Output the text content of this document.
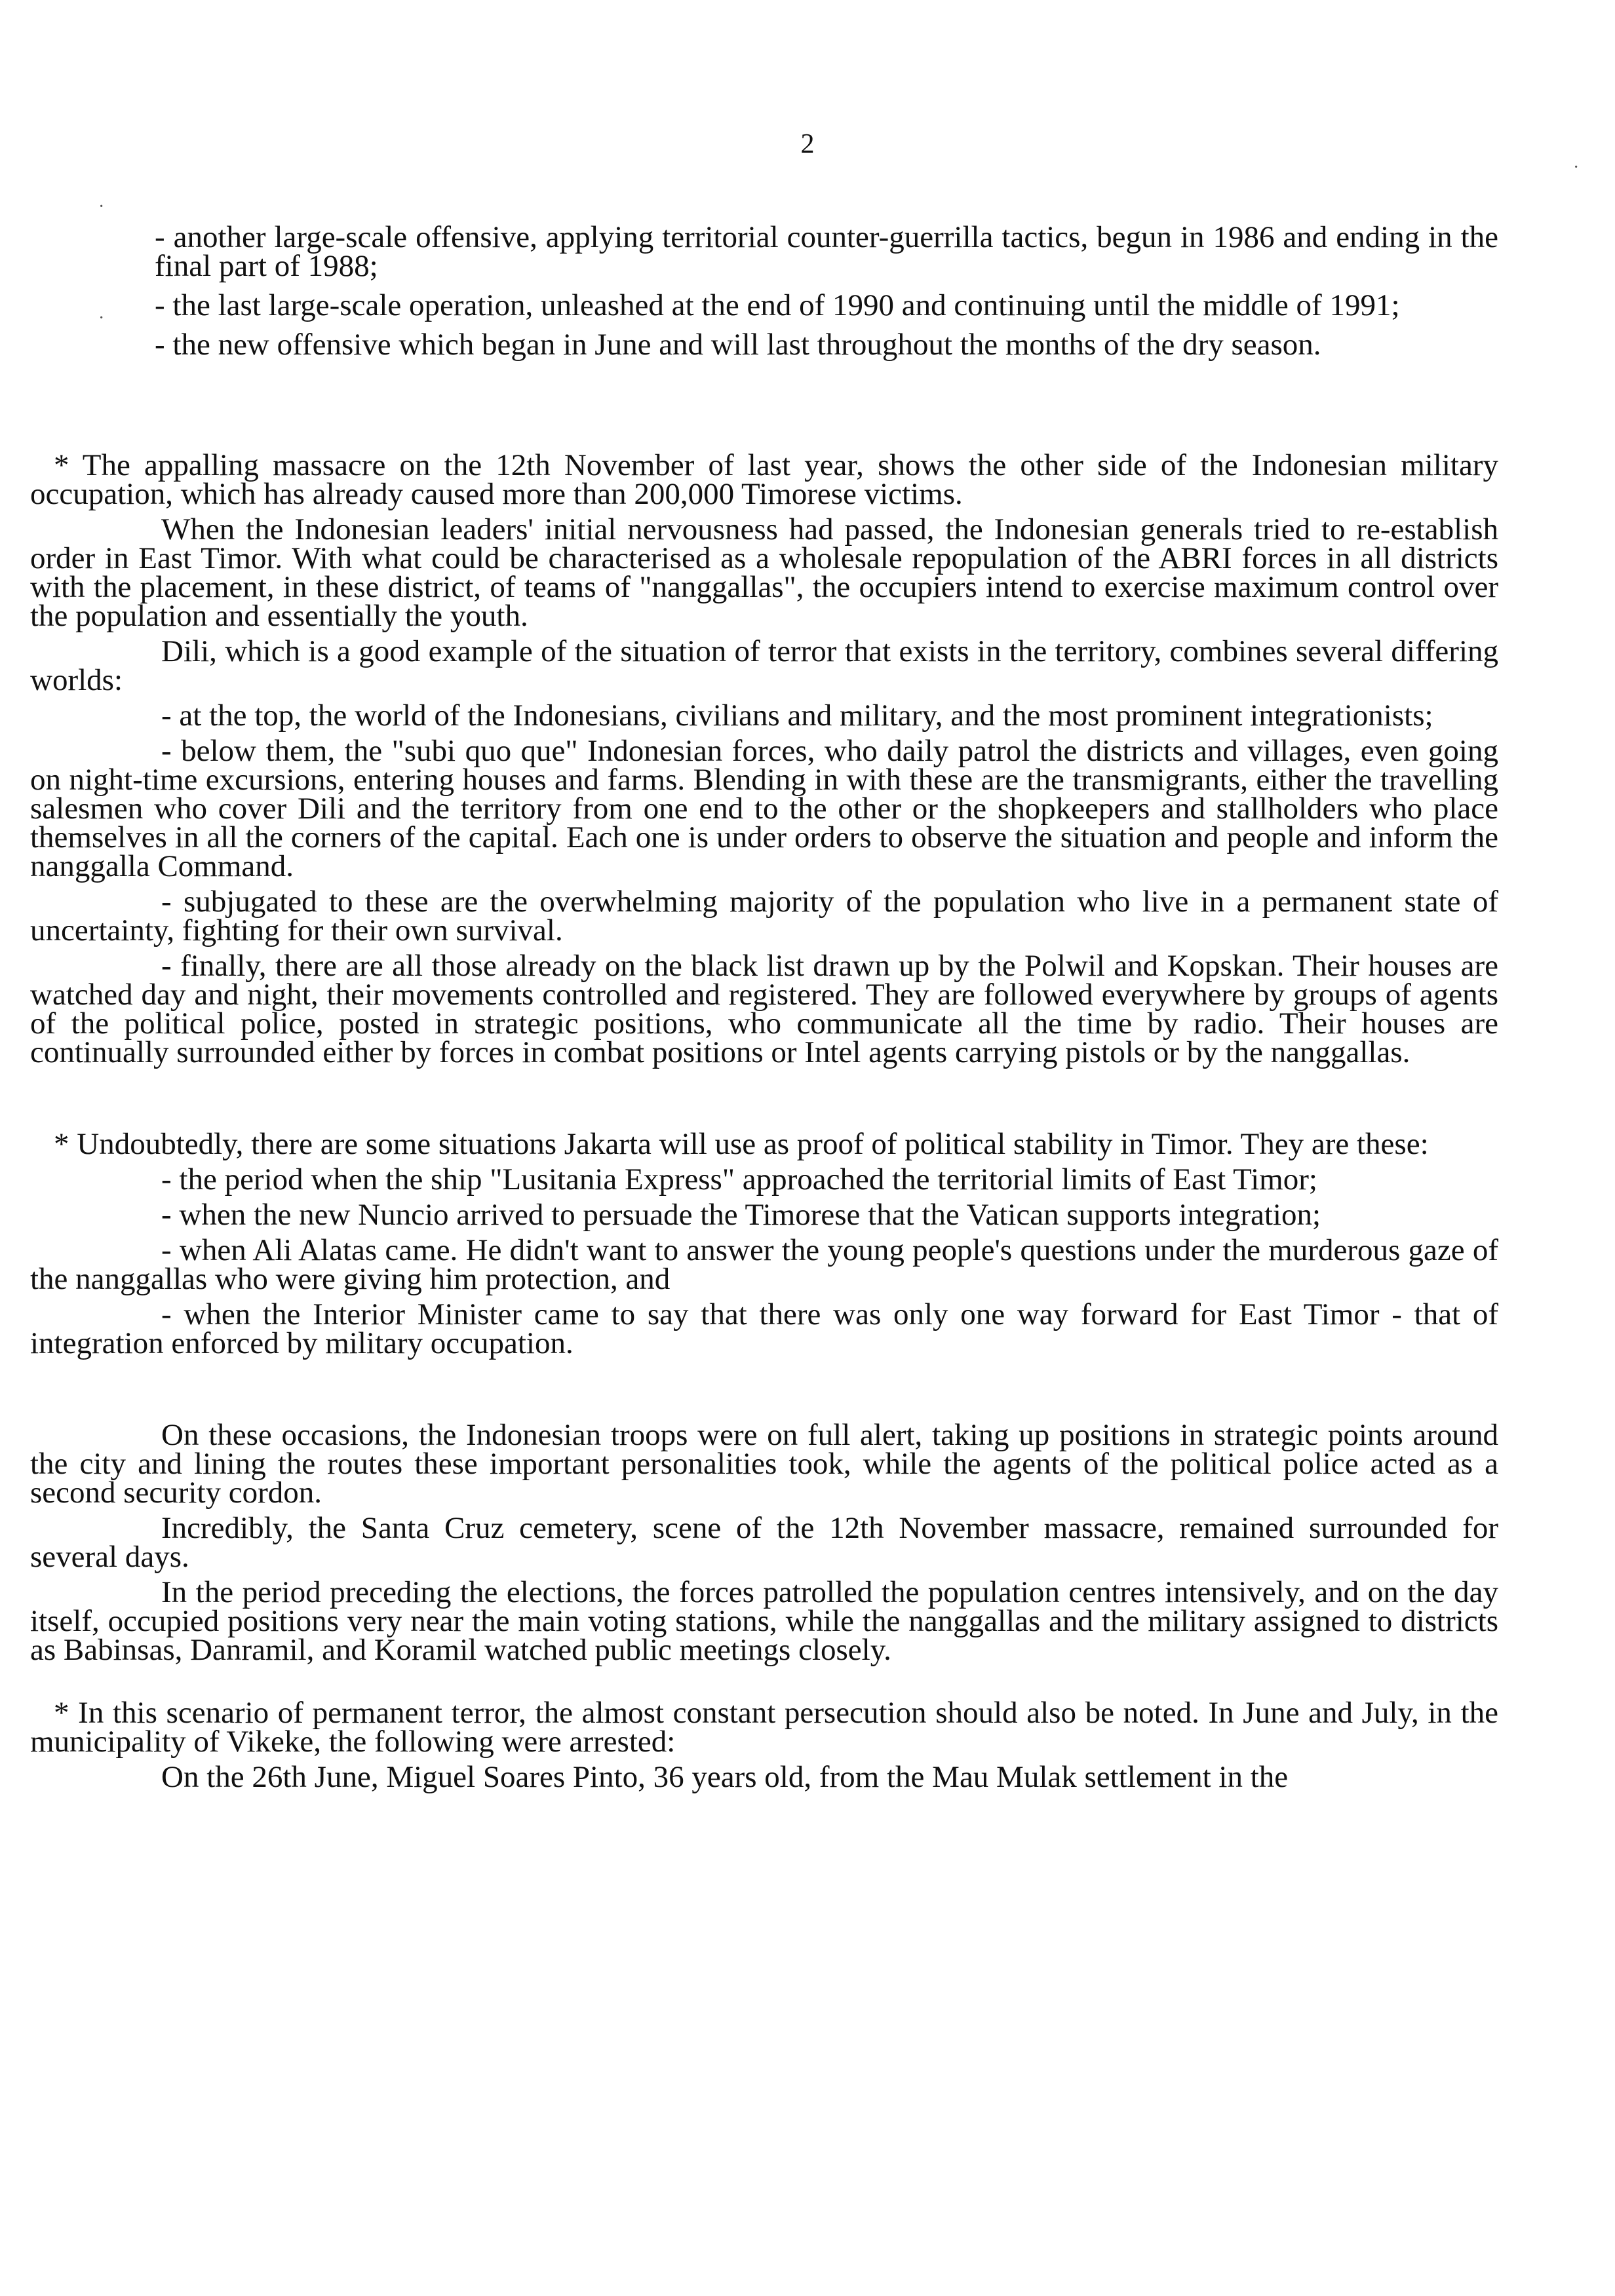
2
·
·
·

- another large-scale offensive, applying territorial counter-guerrilla tactics, begun in 1986 and ending in the final part of 1988;

- the last large-scale operation, unleashed at the end of 1990 and continuing until the middle of 1991;

- the new offensive which began in June and will last throughout the months of the dry season.

* The appalling massacre on the 12th November of last year, shows the other side of the Indonesian military occupation, which has already caused more than 200,000 Timorese victims.

When the Indonesian leaders' initial nervousness had passed, the Indonesian generals tried to re-establish order in East Timor. With what could be characterised as a wholesale repopulation of the ABRI forces in all districts with the placement, in these district, of teams of "nanggallas", the occupiers intend to exercise maximum control over the population and essentially the youth.

Dili, which is a good example of the situation of terror that exists in the territory, combines several differing worlds:

- at the top, the world of the Indonesians, civilians and military, and the most prominent integrationists;

- below them, the "subi quo que" Indonesian forces, who daily patrol the districts and villages, even going on night-time excursions, entering houses and farms. Blending in with these are the transmigrants, either the travelling salesmen who cover Dili and the territory from one end to the other or the shopkeepers and stallholders who place themselves in all the corners of the capital. Each one is under orders to observe the situation and people and inform the nanggalla Command.

- subjugated to these are the overwhelming majority of the population who live in a permanent state of uncertainty, fighting for their own survival.

- finally, there are all those already on the black list drawn up by the Polwil and Kopskan. Their houses are watched day and night, their movements controlled and registered. They are followed everywhere by groups of agents of the political police, posted in strategic positions, who communicate all the time by radio. Their houses are continually surrounded either by forces in combat positions or Intel agents carrying pistols or by the nanggallas.

* Undoubtedly, there are some situations Jakarta will use as proof of political stability in Timor. They are these:

- the period when the ship "Lusitania Express" approached the territorial limits of East Timor;

- when the new Nuncio arrived to persuade the Timorese that the Vatican supports integration;

- when Ali Alatas came. He didn't want to answer the young people's questions under the murderous gaze of the nanggallas who were giving him protection, and

- when the Interior Minister came to say that there was only one way forward for East Timor - that of integration enforced by military occupation.

On these occasions, the Indonesian troops were on full alert, taking up positions in strategic points around the city and lining the routes these important personalities took, while the agents of the political police acted as a second security cordon.

Incredibly, the Santa Cruz cemetery, scene of the 12th November massacre, remained surrounded for several days.

In the period preceding the elections, the forces patrolled the population centres intensively, and on the day itself, occupied positions very near the main voting stations, while the nanggallas and the military assigned to districts as Babinsas, Danramil, and Koramil watched public meetings closely.

* In this scenario of permanent terror, the almost constant persecution should also be noted. In June and July, in the municipality of Vikeke, the following were arrested:

On the 26th June, Miguel Soares Pinto, 36 years old, from the Mau Mulak settlement in the
